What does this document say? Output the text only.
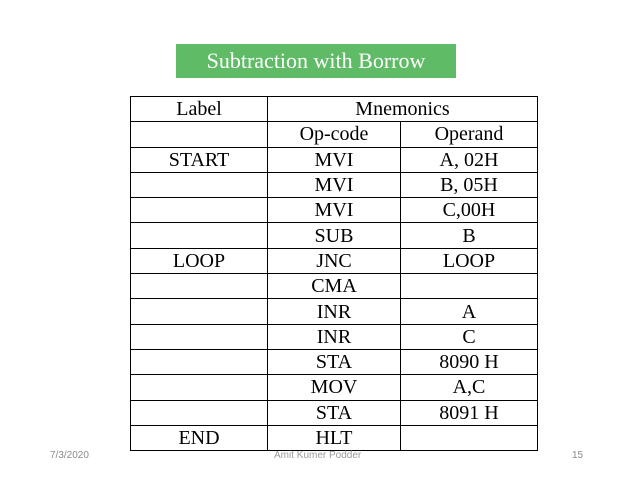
Subtraction with Borrow
Label	Mnemonics	
	Op-code	Operand
START	MVI	A, 02H
	MVI	B, 05H
	MVI	C,00H
	SUB	B
LOOP	JNC	LOOP
	CMA	
	INR	A
	INR	C
	STA	8090 H
	MOV	A,C
	STA	8091 H
END	HLT	
7/3/2020	Amit Kumer Podder	15
